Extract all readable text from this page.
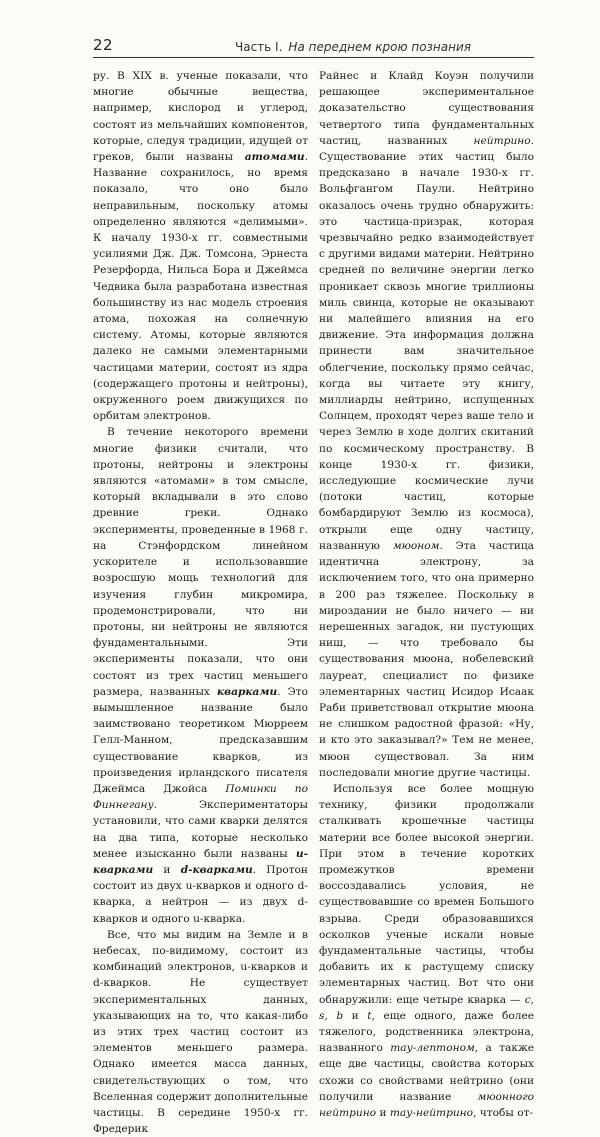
22	Часть I. На переднем крою познания

ру. В XIX в. ученые показали, что многие обычные вещества, например, кислород и углерод, состоят из мельчайших компонентов, которые, следуя традиции, идущей от греков, были названы атомами. Название сохранилось, но время показало, что оно было неправильным, поскольку атомы определенно являются «делимыми». К началу 1930-х гг. совместными усилиями Дж. Дж. Томсона, Эрнеста Резерфорда, Нильса Бора и Джеймса Чедвика была разработана известная большинству из нас модель строения атома, похожая на солнечную систему. Атомы, которые являются далеко не самыми элементарными частицами материи, состоят из ядра (содержащего протоны и нейтроны), окруженного роем движущихся по орбитам электронов.

В течение некоторого времени многие физики считали, что протоны, нейтроны и электроны являются «атомами» в том смысле, который вкладывали в это слово древние греки. Однако эксперименты, проведенные в 1968 г. на Стэнфордском линейном ускорителе и использовавшие возросшую мощь технологий для изучения глубин микромира, продемонстрировали, что ни протоны, ни нейтроны не являются фундаментальными. Эти эксперименты показали, что они состоят из трех частиц меньшего размера, названных кварками. Это вымышленное название было заимствовано теоретиком Мюрреем Гелл-Манном, предсказавшим существование кварков, из произведения ирландского писателя Джеймса Джойса Поминки по Финнегану. Экспериментаторы установили, что сами кварки делятся на два типа, которые несколько менее изысканно были названы u-кварками и d-кварками. Протон состоит из двух u-кварков и одного d-кварка, а нейтрон — из двух d-кварков и одного u-кварка.

Все, что мы видим на Земле и в небесах, по-видимому, состоит из комбинаций электронов, u-кварков и d-кварков. Не существует экспериментальных данных, указывающих на то, что какая-либо из этих трех частиц состоит из элементов меньшего размера. Однако имеется масса данных, свидетельствующих о том, что Вселенная содержит дополнительные частицы. В середине 1950-х гг. Фредерик

Райнес и Клайд Коуэн получили решающее экспериментальное доказательство существования четвертого типа фундаментальных частиц, названных нейтрино. Существование этих частиц было предсказано в начале 1930-х гг. Вольфгангом Паули. Нейтрино оказалось очень трудно обнаружить: это частица-призрак, которая чрезвычайно редко взаимодействует с другими видами материи. Нейтрино средней по величине энергии легко проникает сквозь многие триллионы миль свинца, которые не оказывают ни малейшего влияния на его движение. Эта информация должна принести вам значительное облегчение, поскольку прямо сейчас, когда вы читаете эту книгу, миллиарды нейтрино, испущенных Солнцем, проходят через ваше тело и через Землю в ходе долгих скитаний по космическому пространству. В конце 1930-х гг. физики, исследующие космические лучи (потоки частиц, которые бомбардируют Землю из космоса), открыли еще одну частицу, названную мюоном. Эта частица идентична электрону, за исключением того, что она примерно в 200 раз тяжелее. Поскольку в мироздании не было ничего — ни нерешенных загадок, ни пустующих ниш, — что требовало бы существования мюона, нобелевский лауреат, специалист по физике элементарных частиц Исидор Исаак Раби приветствовал открытие мюона не слишком радостной фразой: «Ну, и кто это заказывал?» Тем не менее, мюон существовал. За ним последовали многие другие частицы.

Используя все более мощную технику, физики продолжали сталкивать крошечные частицы материи все более высокой энергии. При этом в течение коротких промежутков времени воссоздавались условия, не существовавшие со времен Большого взрыва. Среди образовавшихся осколков ученые искали новые фундаментальные частицы, чтобы добавить их к растущему списку элементарных частиц. Вот что они обнаружили: еще четыре кварка — c, s, b и t, еще одного, даже более тяжелого, родственника электрона, названного тау-лептоном, а также еще две частицы, свойства которых схожи со свойствами нейтрино (они получили название мюонного нейтрино и тау-нейтрино, чтобы от-
